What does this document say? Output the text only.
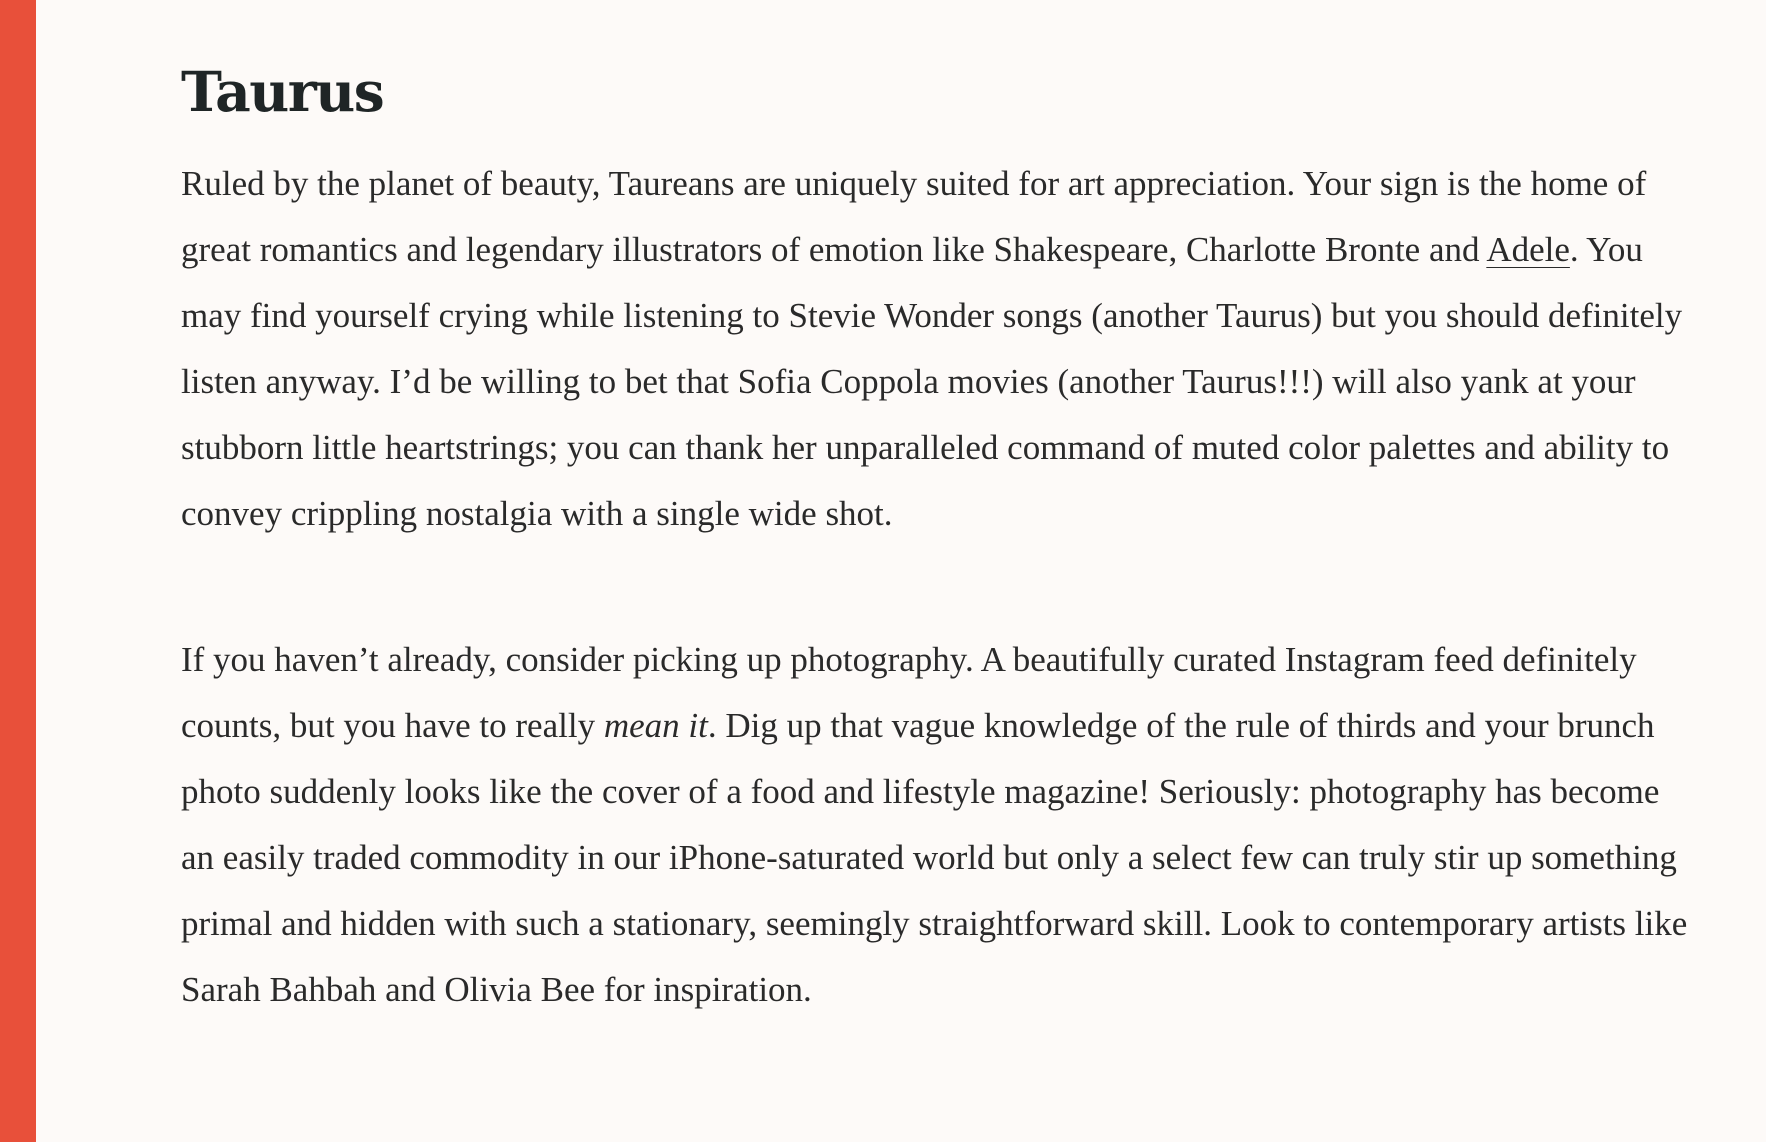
Taurus

Ruled by the planet of beauty, Taureans are uniquely suited for art appreciation. Your sign is the home of great romantics and legendary illustrators of emotion like Shakespeare, Charlotte Bronte and Adele. You may find yourself crying while listening to Stevie Wonder songs (another Taurus) but you should definitely listen anyway. I’d be willing to bet that Sofia Coppola movies (another Taurus!!!) will also yank at your stubborn little heartstrings; you can thank her unparalleled command of muted color palettes and ability to convey crippling nostalgia with a single wide shot.

If you haven’t already, consider picking up photography. A beautifully curated Instagram feed definitely counts, but you have to really mean it. Dig up that vague knowledge of the rule of thirds and your brunch photo suddenly looks like the cover of a food and lifestyle magazine! Seriously: photography has become an easily traded commodity in our iPhone-saturated world but only a select few can truly stir up something primal and hidden with such a stationary, seemingly straightforward skill. Look to contemporary artists like Sarah Bahbah and Olivia Bee for inspiration.
